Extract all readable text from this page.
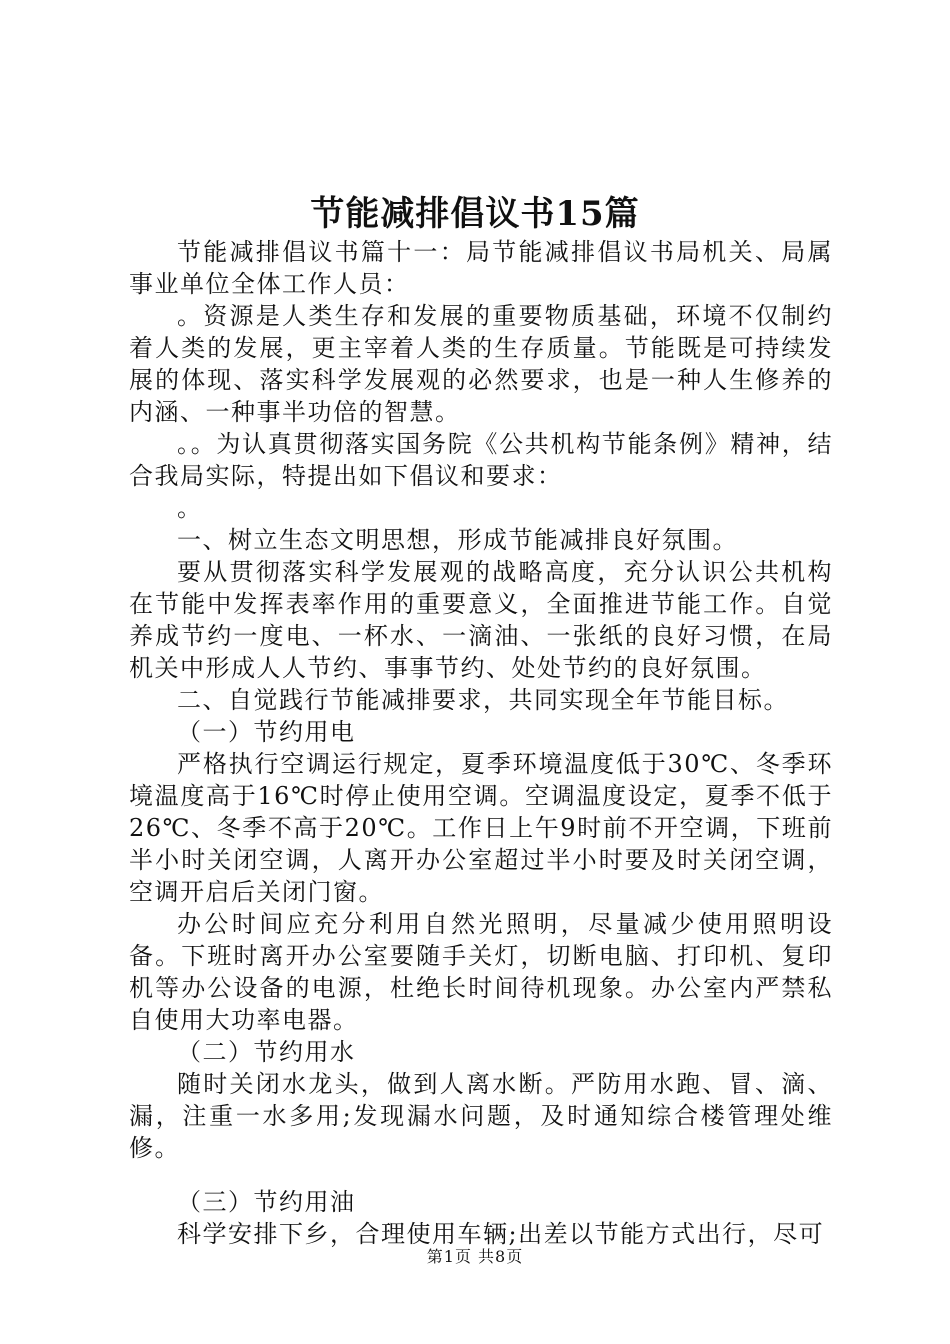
节能减排倡议书15篇

节能减排倡议书篇十一：局节能减排倡议书局机关、局属事业单位全体工作人员：

。资源是人类生存和发展的重要物质基础，环境不仅制约着人类的发展，更主宰着人类的生存质量。节能既是可持续发展的体现、落实科学发展观的必然要求，也是一种人生修养的内涵、一种事半功倍的智慧。

。。为认真贯彻落实国务院《公共机构节能条例》精神，结合我局实际，特提出如下倡议和要求：

。

一、树立生态文明思想，形成节能减排良好氛围。

要从贯彻落实科学发展观的战略高度，充分认识公共机构在节能中发挥表率作用的重要意义，全面推进节能工作。自觉养成节约一度电、一杯水、一滴油、一张纸的良好习惯，在局机关中形成人人节约、事事节约、处处节约的良好氛围。

二、自觉践行节能减排要求，共同实现全年节能目标。

（一）节约用电

严格执行空调运行规定，夏季环境温度低于30℃、冬季环境温度高于16℃时停止使用空调。空调温度设定，夏季不低于26℃、冬季不高于20℃。工作日上午9时前不开空调，下班前半小时关闭空调，人离开办公室超过半小时要及时关闭空调，空调开启后关闭门窗。

办公时间应充分利用自然光照明，尽量减少使用照明设备。下班时离开办公室要随手关灯，切断电脑、打印机、复印机等办公设备的电源，杜绝长时间待机现象。办公室内严禁私自使用大功率电器。

（二）节约用水

随时关闭水龙头，做到人离水断。严防用水跑、冒、滴、漏，注重一水多用;发现漏水问题，及时通知综合楼管理处维修。

（三）节约用油

科学安排下乡，合理使用车辆;出差以节能方式出行，尽可

第1页 共8页
